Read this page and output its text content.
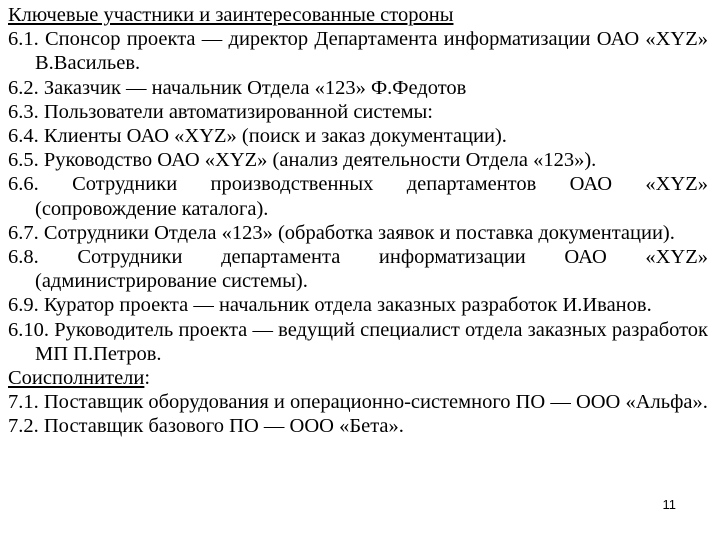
Ключевые участники и заинтересованные стороны
6.1. Спонсор проекта — директор Департамента информатизации ОАО «XYZ» В.Васильев.
6.2. Заказчик — начальник Отдела «123» Ф.Федотов
6.3. Пользователи автоматизированной системы:
6.4. Клиенты ОАО «XYZ» (поиск и заказ документации).
6.5. Руководство ОАО «XYZ» (анализ деятельности Отдела «123»).
6.6. Сотрудники производственных департаментов ОАО «XYZ» (сопровождение каталога).
6.7. Сотрудники Отдела «123» (обработка заявок и поставка документации).
6.8. Сотрудники департамента информатизации ОАО «XYZ» (администрирование системы).
6.9. Куратор проекта — начальник отдела заказных разработок И.Иванов.
6.10. Руководитель проекта — ведущий специалист отдела заказных разработок МП П.Петров.
Соисполнители:
7.1. Поставщик оборудования и операционно-системного ПО — ООО «Альфа».
7.2. Поставщик базового ПО — ООО «Бета».
11
